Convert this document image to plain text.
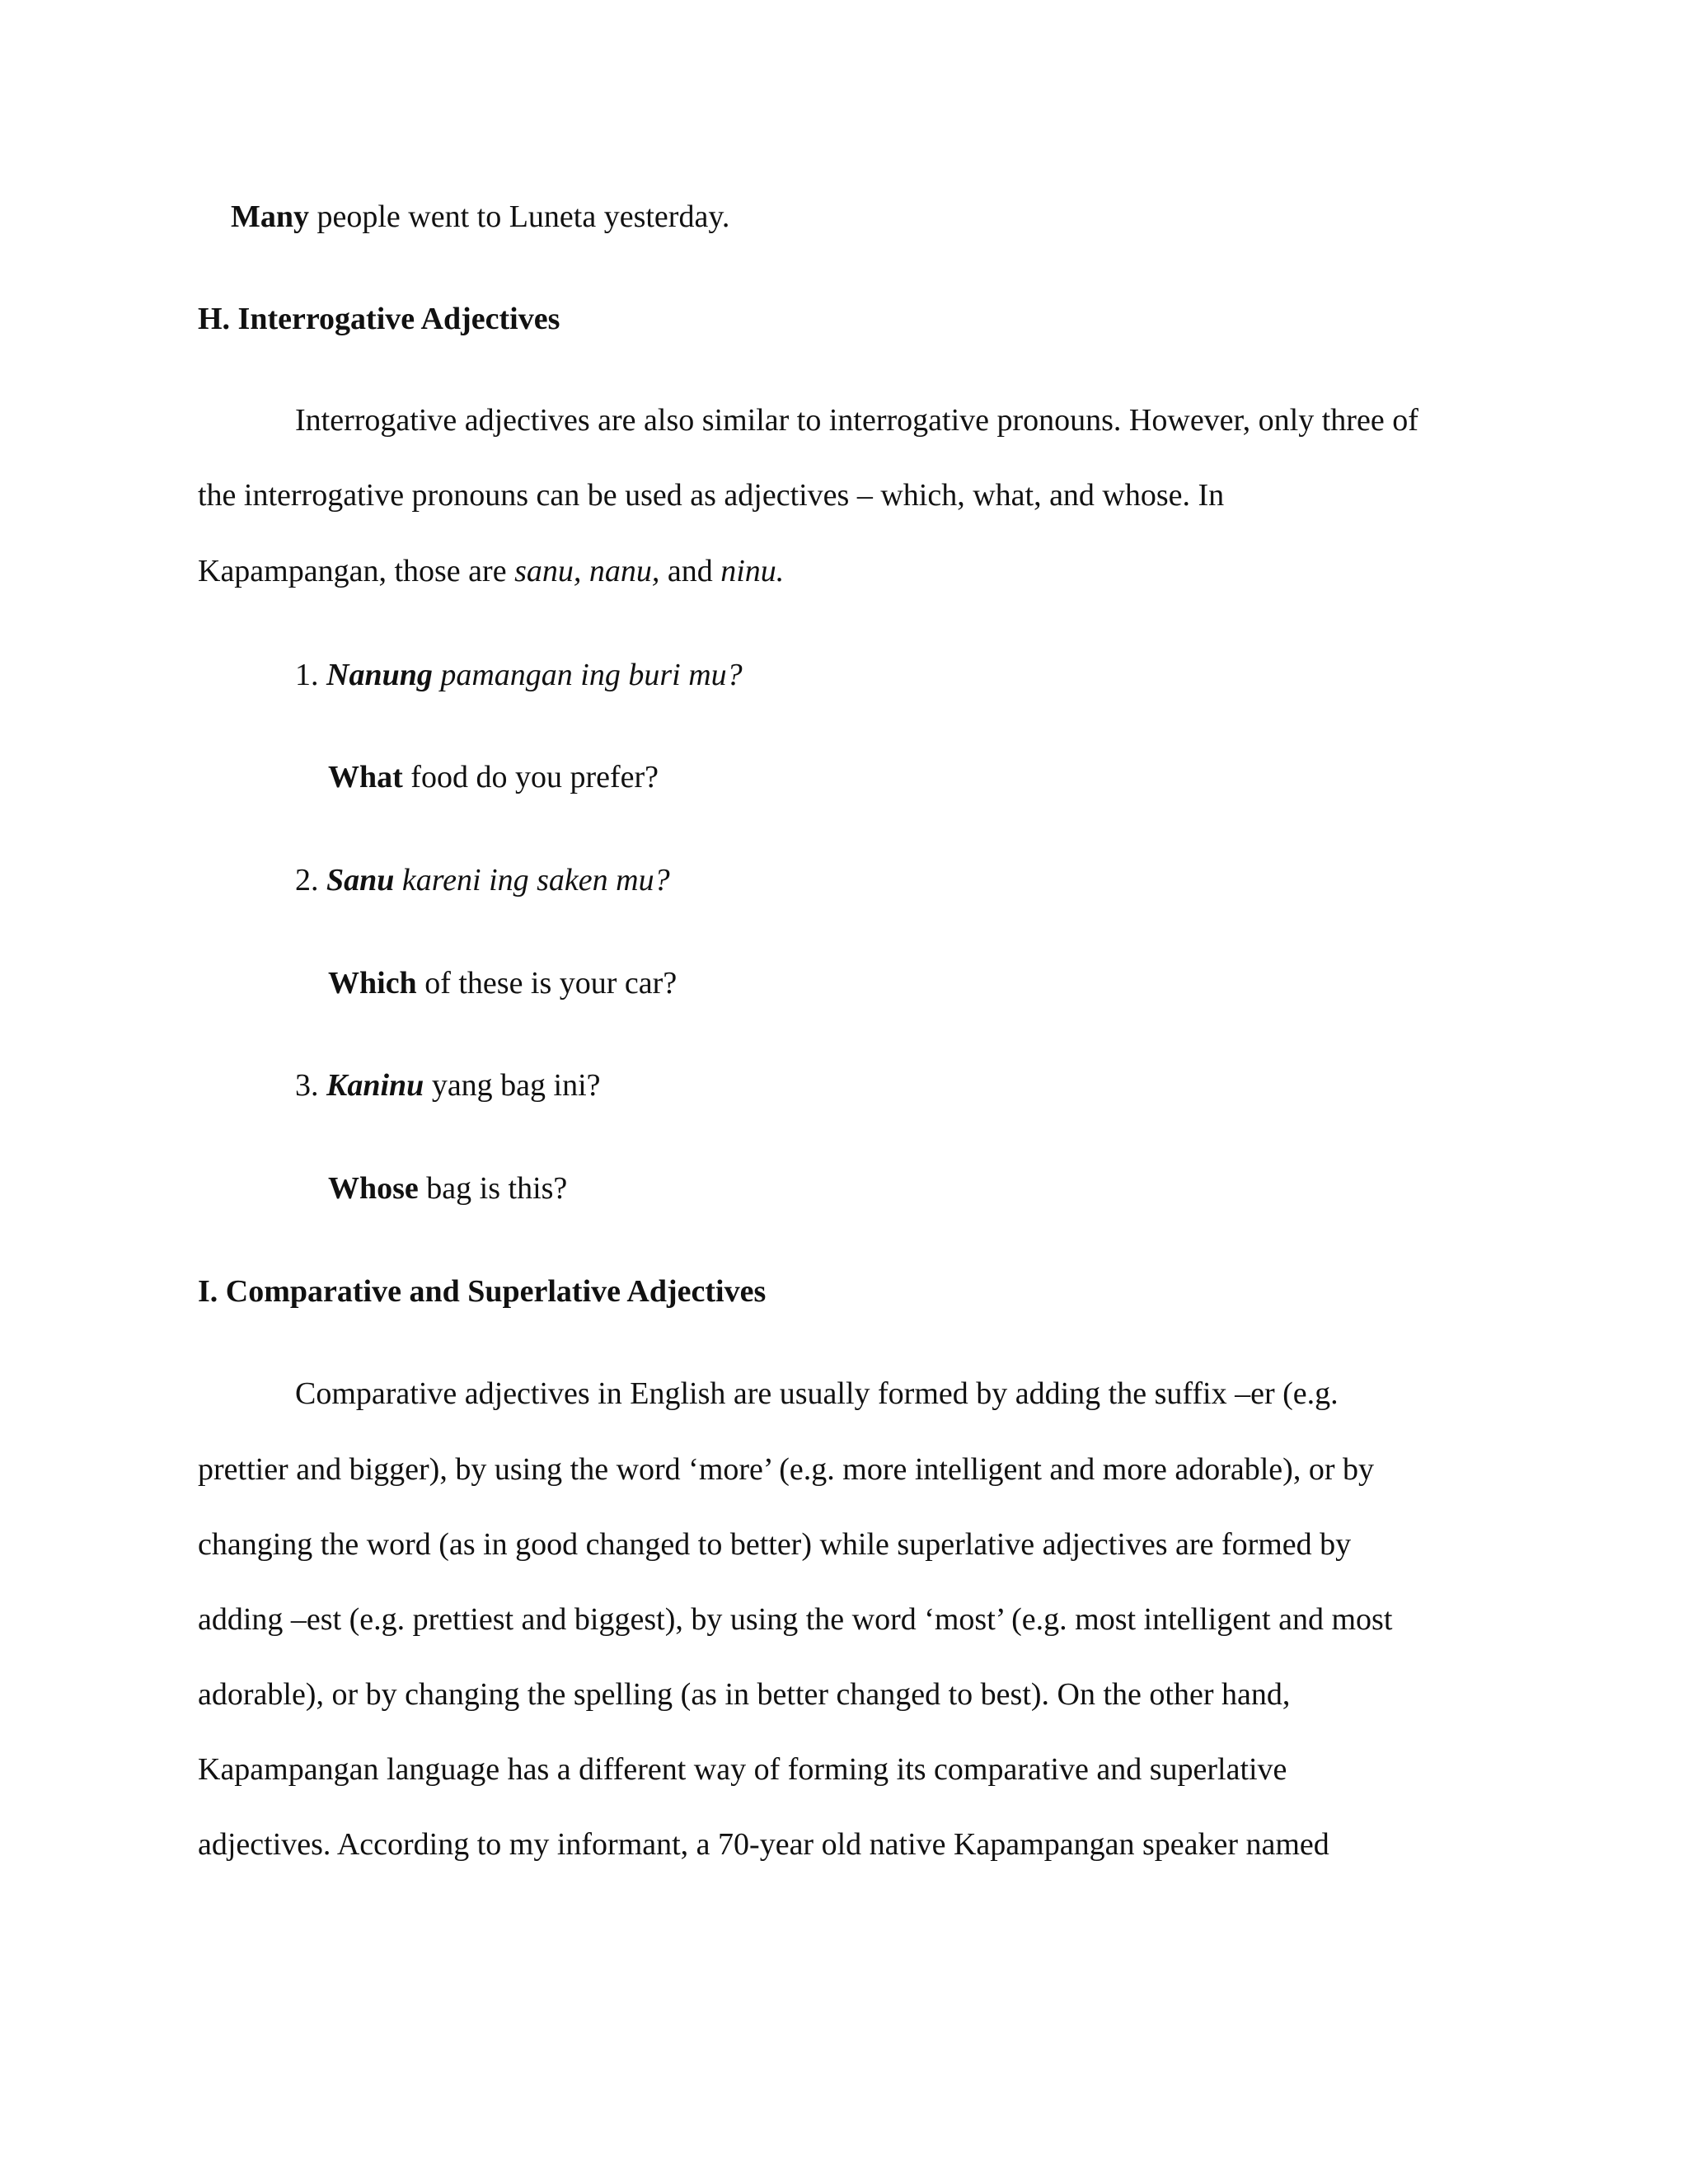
Many people went to Luneta yesterday.
H. Interrogative Adjectives
Interrogative adjectives are also similar to interrogative pronouns. However, only three of
the interrogative pronouns can be used as adjectives – which, what, and whose. In
Kapampangan, those are sanu, nanu, and ninu.
1. Nanung pamangan ing buri mu?
What food do you prefer?
2. Sanu kareni ing saken mu?
Which of these is your car?
3. Kaninu yang bag ini?
Whose bag is this?
I. Comparative and Superlative Adjectives
Comparative adjectives in English are usually formed by adding the suffix –er (e.g.
prettier and bigger), by using the word ‘more’ (e.g. more intelligent and more adorable), or by
changing the word (as in good changed to better) while superlative adjectives are formed by
adding –est (e.g. prettiest and biggest), by using the word ‘most’ (e.g. most intelligent and most
adorable), or by changing the spelling (as in better changed to best). On the other hand,
Kapampangan language has a different way of forming its comparative and superlative
adjectives. According to my informant, a 70-year old native Kapampangan speaker named
